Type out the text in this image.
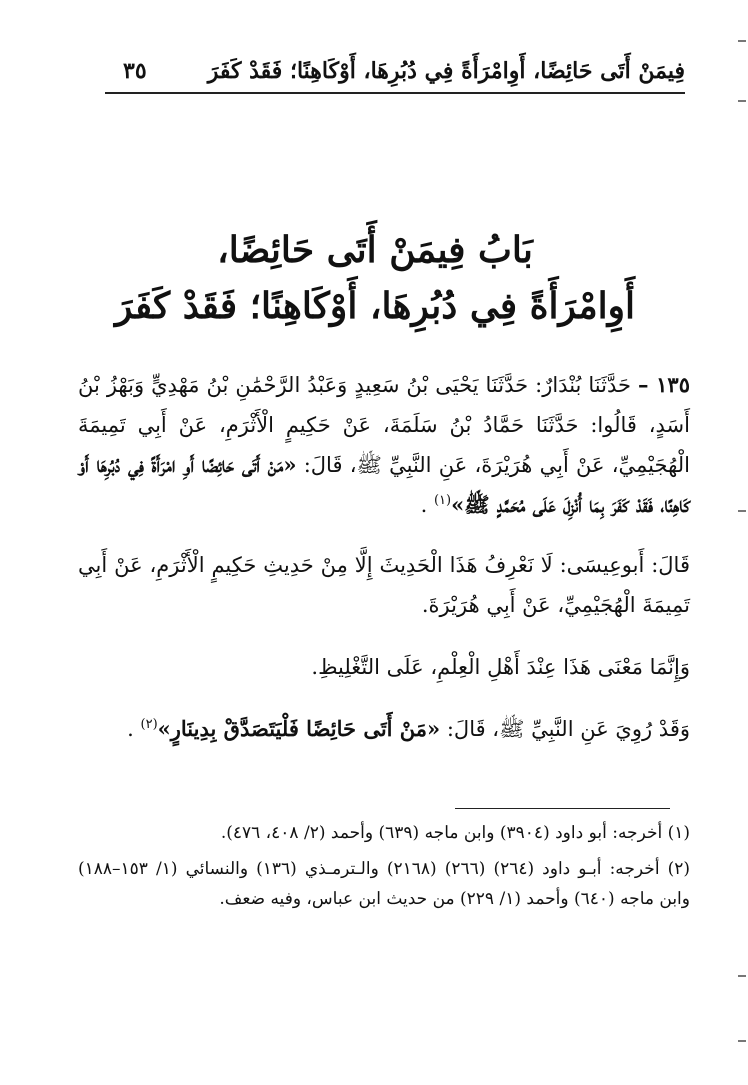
فِيمَنْ أَتَى حَائِضًا، أَوِامْرَأَةً فِي دُبُرِهَا، أَوْكَاهِنًا؛ فَقَدْ كَفَرَ
٣٥
بَابُ فِيمَنْ أَتَى حَائِضًا،
أَوِامْرَأَةً فِي دُبُرِهَا، أَوْكَاهِنًا؛ فَقَدْ كَفَرَ

١٣٥ – حَدَّثَنَا بُنْدَارٌ: حَدَّثَنَا يَحْيَى بْنُ سَعِيدٍ وَعَبْدُ الرَّحْمَٰنِ بْنُ مَهْدِيٍّ وَبَهْزُ بْنُ أَسَدٍ، قَالُوا: حَدَّثَنَا حَمَّادُ بْنُ سَلَمَةَ، عَنْ حَكِيمٍ الْأَثْرَمِ، عَنْ أَبِي تَمِيمَةَ الْهُجَيْمِيِّ، عَنْ أَبِي هُرَيْرَةَ، عَنِ النَّبِيِّ ﷺ، قَالَ: «مَنْ أَتَى حَائِضًا أَوِ امْرَأَةً فِي دُبُرِهَا أَوْ كَاهِنًا، فَقَدْ كَفَرَ بِمَا أُنْزِلَ عَلَى مُحَمَّدٍ ﷺ»$^{(١)}$ .

قَالَ: أَبوعِيسَى: لَا نَعْرِفُ هَذَا الْحَدِيثَ إِلَّا مِنْ حَدِيثِ حَكِيمٍ الْأَثْرَمِ، عَنْ أَبِي تَمِيمَةَ الْهُجَيْمِيِّ، عَنْ أَبِي هُرَيْرَةَ.

وَإِنَّمَا مَعْنَى هَذَا عِنْدَ أَهْلِ الْعِلْمِ، عَلَى التَّغْلِيظِ.

وَقَدْ رُوِيَ عَنِ النَّبِيِّ ﷺ، قَالَ: «مَنْ أَتَى حَائِضًا فَلْيَتَصَدَّقْ بِدِينَارٍ»$^{(٢)}$ .

(١) أخرجه: أبو داود (٣٩٠٤) وابن ماجه (٦٣٩) وأحمد (٢/ ٤٠٨، ٤٧٦).

(٢) أخرجه: أبـو داود (٢٦٤) (٢٦٦) (٢١٦٨) والـترمـذي (١٣٦) والنسائي (١/ ١٥٣–١٨٨) وابن ماجه (٦٤٠) وأحمد (١/ ٢٢٩) من حديث ابن عباس، وفيه ضعف.
